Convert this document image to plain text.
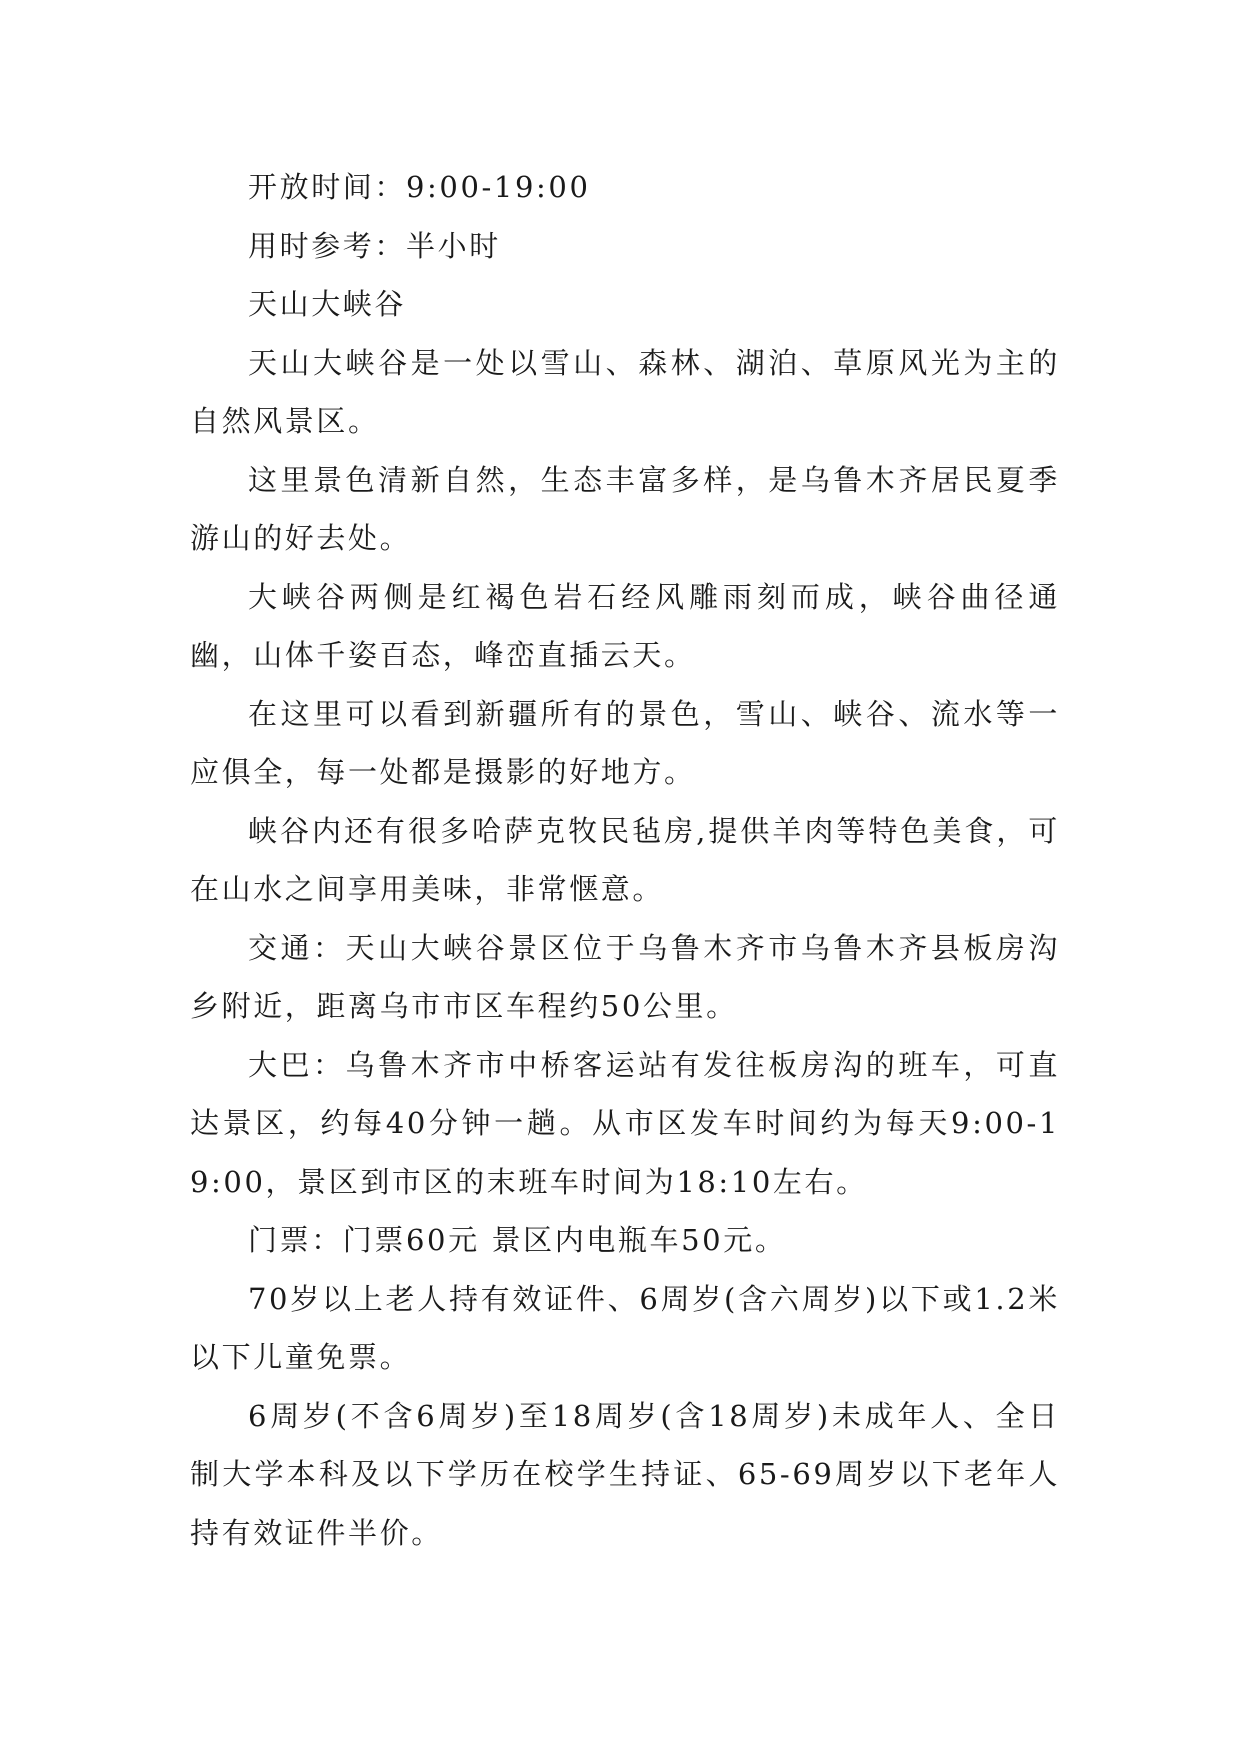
开放时间：9:00-19:00

用时参考：半小时

天山大峡谷

天山大峡谷是一处以雪山、森林、湖泊、草原风光为主的自然风景区。

这里景色清新自然，生态丰富多样，是乌鲁木齐居民夏季游山的好去处。

大峡谷两侧是红褐色岩石经风雕雨刻而成，峡谷曲径通幽，山体千姿百态，峰峦直插云天。

在这里可以看到新疆所有的景色，雪山、峡谷、流水等一应俱全，每一处都是摄影的好地方。

峡谷内还有很多哈萨克牧民毡房,提供羊肉等特色美食，可在山水之间享用美味，非常惬意。

交通：天山大峡谷景区位于乌鲁木齐市乌鲁木齐县板房沟乡附近，距离乌市市区车程约50公里。

大巴：乌鲁木齐市中桥客运站有发往板房沟的班车，可直达景区，约每40分钟一趟。从市区发车时间约为每天9:00-19:00，景区到市区的末班车时间为18:10左右。

门票：门票60元 景区内电瓶车50元。

70岁以上老人持有效证件、6周岁(含六周岁)以下或1.2米以下儿童免票。

6周岁(不含6周岁)至18周岁(含18周岁)未成年人、全日制大学本科及以下学历在校学生持证、65-69周岁以下老年人持有效证件半价。
